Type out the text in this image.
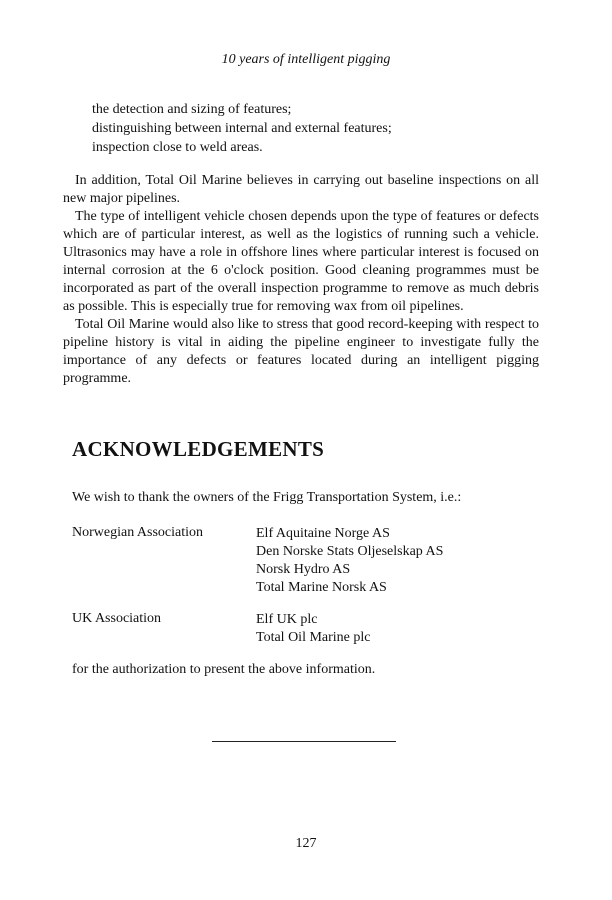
10 years of intelligent pigging
the detection and sizing of features;
distinguishing between internal and external features;
inspection close to weld areas.

In addition, Total Oil Marine believes in carrying out baseline inspections on all new major pipelines.

The type of intelligent vehicle chosen depends upon the type of features or defects which are of particular interest, as well as the logistics of running such a vehicle. Ultrasonics may have a role in offshore lines where particular interest is focused on internal corrosion at the 6 o'clock position. Good cleaning programmes must be incorporated as part of the overall inspection programme to remove as much debris as possible. This is especially true for removing wax from oil pipelines.

Total Oil Marine would also like to stress that good record-keeping with respect to pipeline history is vital in aiding the pipeline engineer to investigate fully the importance of any defects or features located during an intelligent pigging programme.

ACKNOWLEDGEMENTS
We wish to thank the owners of the Frigg Transportation System, i.e.:
Norwegian Association	Elf Aquitaine Norge AS
Den Norske Stats Oljeselskap AS
Norsk Hydro AS
Total Marine Norsk AS
UK Association	Elf UK plc
Total Oil Marine plc
for the authorization to present the above information.
127
